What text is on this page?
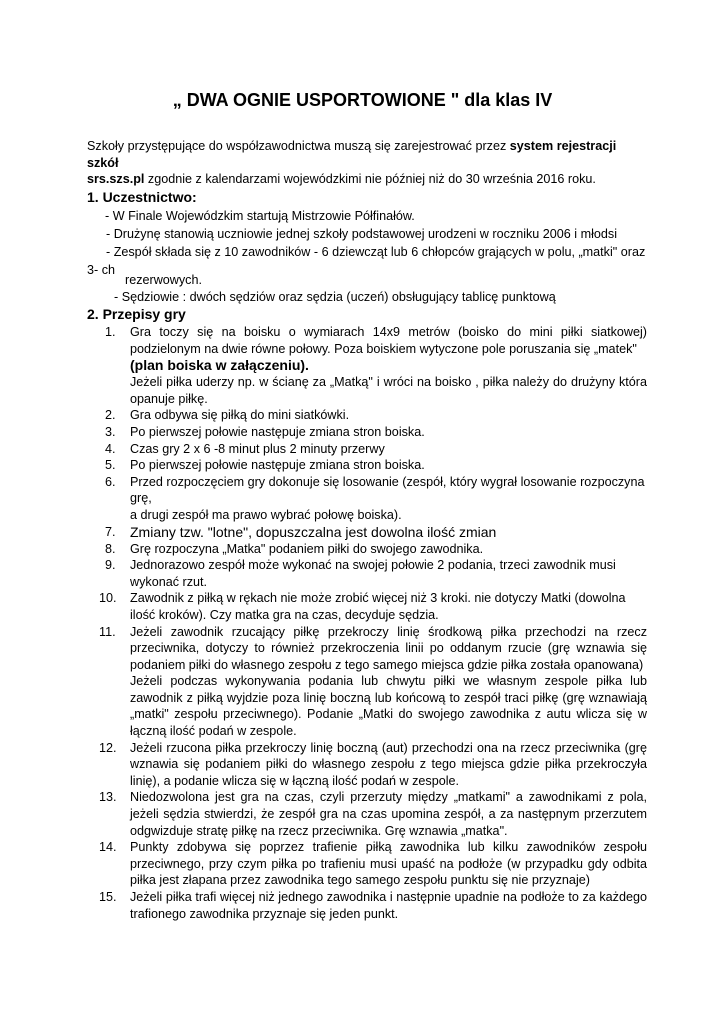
„ DWA OGNIE USPORTOWIONE " dla klas IV
Szkoły przystępujące do współzawodnictwa muszą się zarejestrować przez system rejestracji szkół
srs.szs.pl zgodnie z kalendarzami wojewódzkimi nie później niż do 30 września 2016 roku.
1. Uczestnictwo:
- W Finale Wojewódzkim startują Mistrzowie Półfinałów.
- Drużynę stanowią uczniowie jednej szkoły podstawowej urodzeni w roczniku 2006 i młodsi
- Zespół składa się z 10 zawodników - 6 dziewcząt lub 6 chłopców grających w polu, „matki" oraz
3- ch
rezerwowych.
- Sędziowie : dwóch sędziów oraz sędzia (uczeń) obsługujący tablicę punktową
2. Przepisy gry
1. Gra toczy się na boisku o wymiarach 14x9 metrów (boisko do mini piłki siatkowej) podzielonym na dwie równe połowy. Poza boiskiem wytyczone pole poruszania się „matek"
(plan boiska w załączeniu).
Jeżeli piłka uderzy np. w ścianę za „Matką" i wróci na boisko , piłka należy do drużyny która opanuje piłkę.
2. Gra odbywa się piłką do mini siatkówki.
3. Po pierwszej połowie następuje zmiana stron boiska.
4. Czas gry 2 x 6 -8 minut plus 2 minuty przerwy
5. Po pierwszej połowie następuje zmiana stron boiska.
6. Przed rozpoczęciem gry dokonuje się losowanie (zespół, który wygrał losowanie rozpoczyna grę,
a drugi zespół ma prawo wybrać połowę boiska).
7. Zmiany tzw. "lotne", dopuszczalna jest dowolna ilość zmian
8. Grę rozpoczyna „Matka" podaniem piłki do swojego zawodnika.
9. Jednorazowo zespół może wykonać na swojej połowie 2 podania, trzeci zawodnik musi wykonać rzut.
10. Zawodnik z piłką w rękach nie może zrobić więcej niż 3 kroki. nie dotyczy Matki (dowolna ilość kroków). Czy matka gra na czas, decyduje sędzia.
11. Jeżeli zawodnik rzucający piłkę przekroczy linię środkową piłka przechodzi na rzecz przeciwnika, dotyczy to również przekroczenia linii po oddanym rzucie (grę wznawia się podaniem piłki do własnego zespołu z tego samego miejsca gdzie piłka została opanowana)
Jeżeli podczas wykonywania podania lub chwytu piłki we własnym zespole piłka lub zawodnik z piłką wyjdzie poza linię boczną lub końcową to zespół traci piłkę (grę wznawiają „matki" zespołu przeciwnego). Podanie „Matki do swojego zawodnika z autu wlicza się w łączną ilość podań w zespole.
12. Jeżeli rzucona piłka przekroczy linię boczną (aut) przechodzi ona na rzecz przeciwnika (grę wznawia się podaniem piłki do własnego zespołu z tego miejsca gdzie piłka przekroczyła linię), a podanie wlicza się w łączną ilość podań w zespole.
13. Niedozwolona jest gra na czas, czyli przerzuty między „matkami" a zawodnikami z pola, jeżeli sędzia stwierdzi, że zespół gra na czas upomina zespół, a za następnym przerzutem odgwizduje stratę piłkę na rzecz przeciwnika. Grę wznawia „matka".
14. Punkty zdobywa się poprzez trafienie piłką zawodnika lub kilku zawodników zespołu przeciwnego, przy czym piłka po trafieniu musi upaść na podłoże (w przypadku gdy odbita piłka jest złapana przez zawodnika tego samego zespołu punktu się nie przyznaje)
15. Jeżeli piłka trafi więcej niż jednego zawodnika i następnie upadnie na podłoże to za każdego trafionego zawodnika przyznaje się jeden punkt.
